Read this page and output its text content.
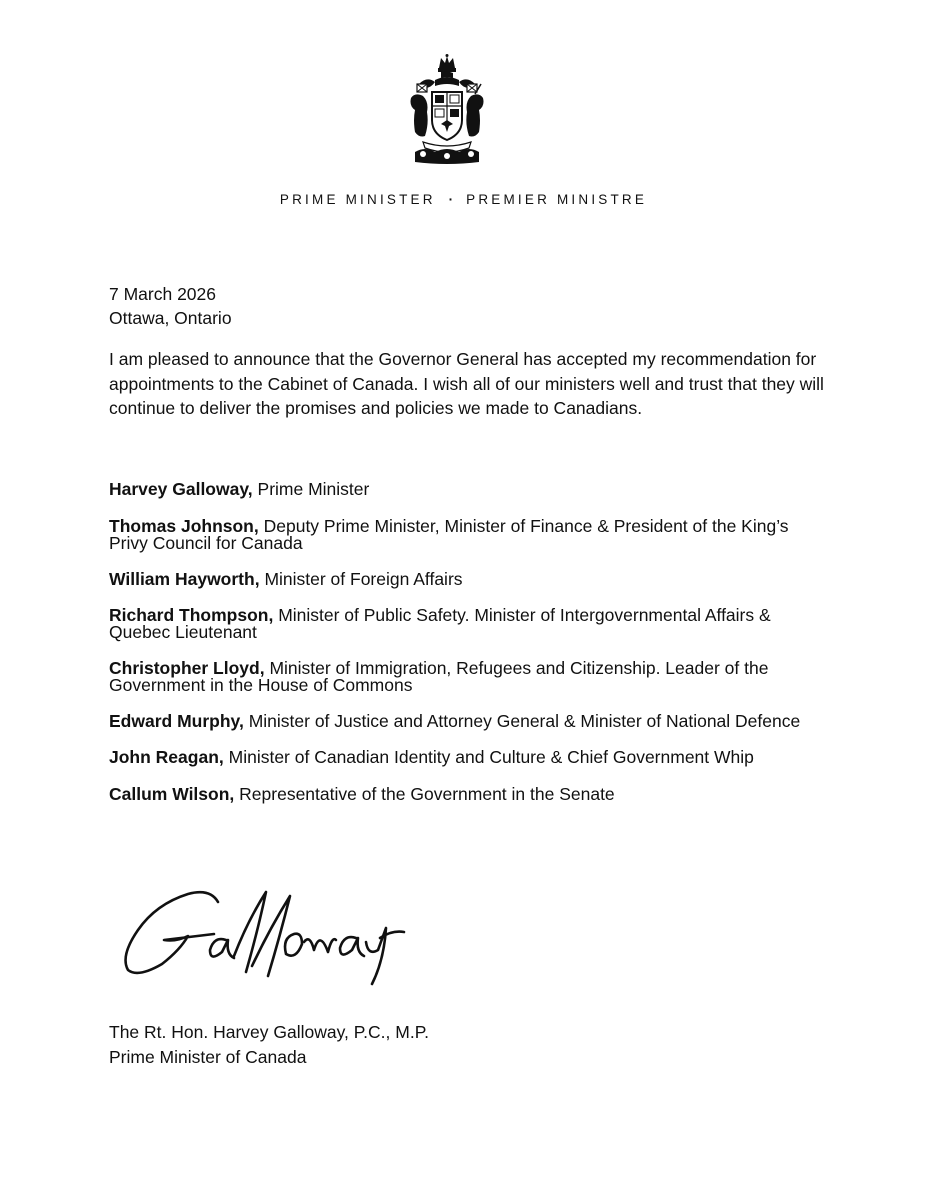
PRIME MINISTER · PREMIER MINISTRE
7 March 2026
Ottawa, Ontario

I am pleased to announce that the Governor General has accepted my recommendation for appointments to the Cabinet of Canada. I wish all of our ministers well and trust that they will continue to deliver the promises and policies we made to Canadians.

Harvey Galloway, Prime Minister
Thomas Johnson, Deputy Prime Minister, Minister of Finance & President of the King’s Privy Council for Canada
William Hayworth, Minister of Foreign Affairs
Richard Thompson, Minister of Public Safety. Minister of Intergovernmental Affairs & Quebec Lieutenant
Christopher Lloyd, Minister of Immigration, Refugees and Citizenship. Leader of the Government in the House of Commons
Edward Murphy, Minister of Justice and Attorney General & Minister of National Defence
John Reagan, Minister of Canadian Identity and Culture & Chief Government Whip
Callum Wilson, Representative of the Government in the Senate
The Rt. Hon. Harvey Galloway, P.C., M.P.
Prime Minister of Canada
